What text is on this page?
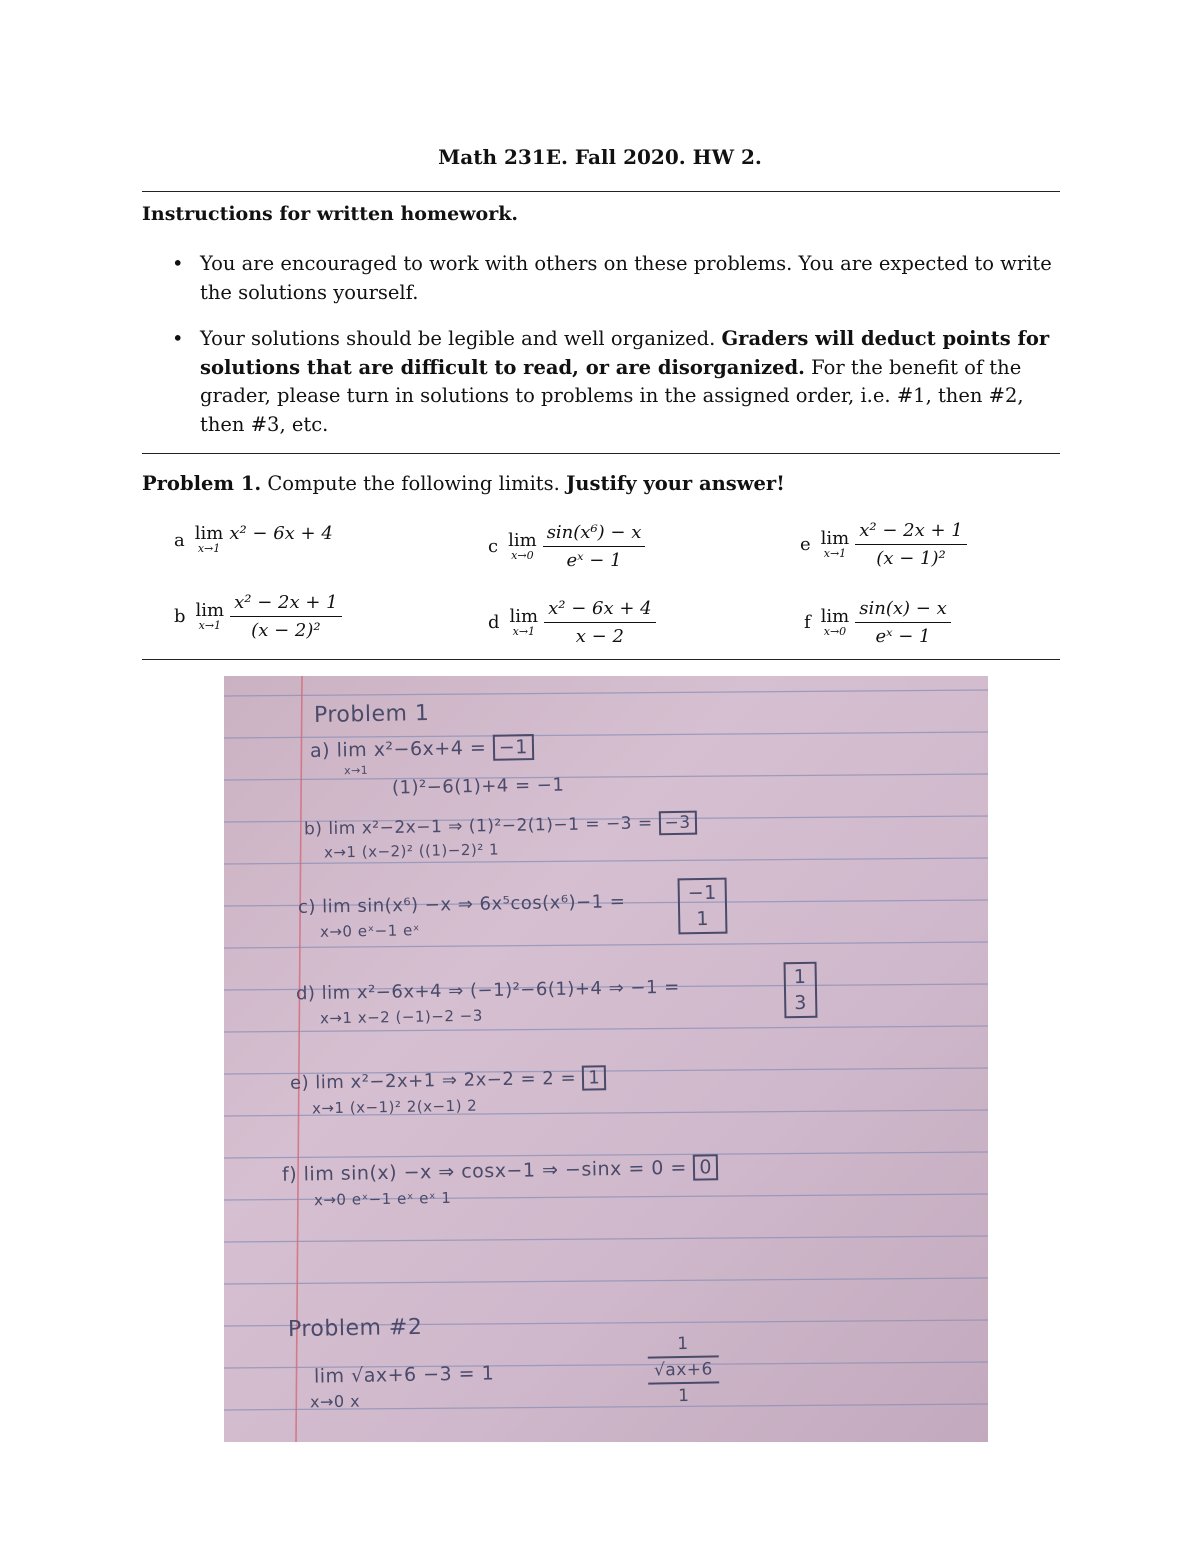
Math 231E. Fall 2020. HW 2.
Instructions for written homework.
• You are encouraged to work with others on these problems. You are expected to write the solutions yourself.
• Your solutions should be legible and well organized. Graders will deduct points for solutions that are difficult to read, or are disorganized. For the benefit of the grader, please turn in solutions to problems in the assigned order, i.e. #1, then #2, then #3, etc.
Problem 1. Compute the following limits. Justify your answer!
a lim
x→1
x² − 6x + 4
b lim
$x\to 1 \frac{\text{x² − 2x + 1}}{\text{(x − 2)²}}$
c lim
$x\to 0 \frac{\text{sin(x⁶) − x}}{\text{eˣ − 1}}$
d lim
$x\to 1 \frac{\text{x² − 6x + 4}}{x - 2}$
e lim
$x\to 1 \frac{\text{x² − 2x + 1}}{\text{(x − 1)²}}$
f lim
$x\to 0 \frac{\sin(x) - x}{\text{eˣ − 1}}$
Problem 1
a) lim x²−6x+4 = −1
x→1
(1)²−6(1)+4 = −1
b) lim x²−2x−1 ⇒ (1)²−2(1)−1 = −3 = −3
x→1 (x−2)² ((1)−2)² 1
c) lim sin(x⁶) −x ⇒ 6x⁵cos(x⁶)−1 =
x→0 eˣ−1 eˣ
−1
1
d) lim x²−6x+4 ⇒ (−1)²−6(1)+4 ⇒ −1 =
x→1 x−2 (−1)−2 −3
1
3
e) lim x²−2x+1 ⇒ 2x−2 = 2 = 1
x→1 (x−1)² 2(x−1) 2
f) lim sin(x) −x ⇒ cosx−1 ⇒ −sinx = 0 = 0
x→0 eˣ−1 eˣ eˣ 1
Problem #2
lim √ax+6 −3 = 1
x→0 x
1
√ax+6
1
